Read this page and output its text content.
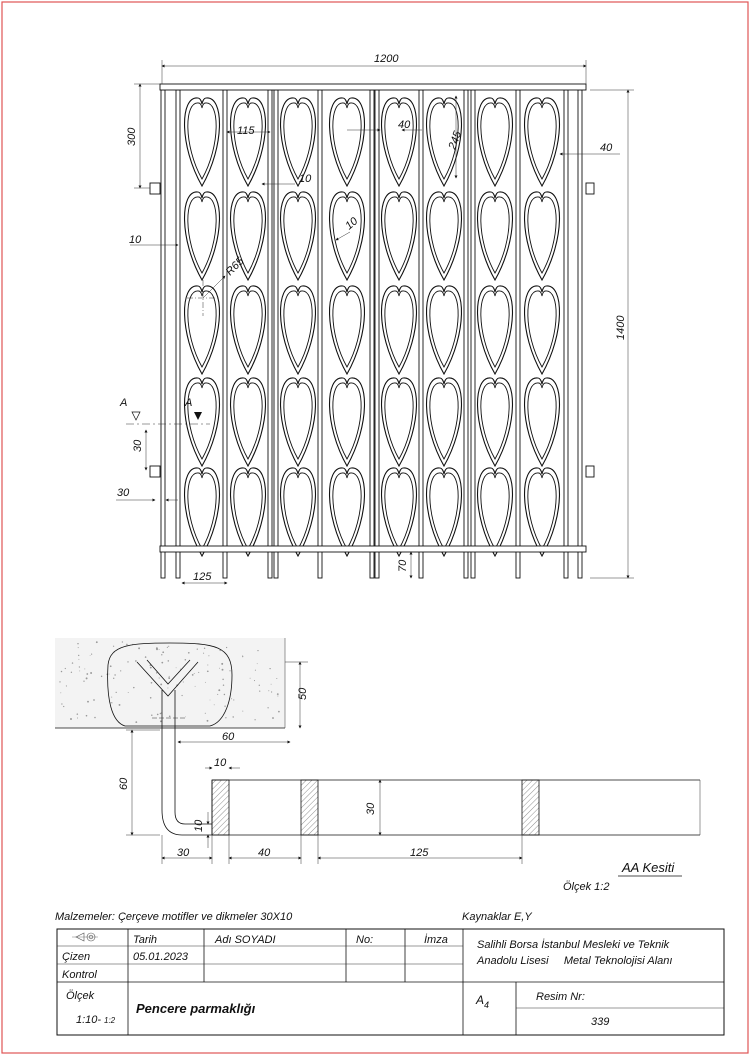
1200
1400
300	115	40
245	40
10
10
10
R65
A	A
30
30
125
70
50
60
60
10
30
10
30	40	125
AA Kesiti
Ölçek 1:2
Malzemeler: Çerçeve motifler ve dikmeler 30X10	Kaynaklar E,Y
Tarih	Adı SOYADI	No:	İmza
Çizen	05.01.2023
Kontrol
Salihli Borsa İstanbul Mesleki ve Teknik
Anadolu Lisesi     Metal Teknolojisi Alanı
Ölçek
1:10- 1:2
Pencere parmaklığı
A 4
Resim Nr:
339
